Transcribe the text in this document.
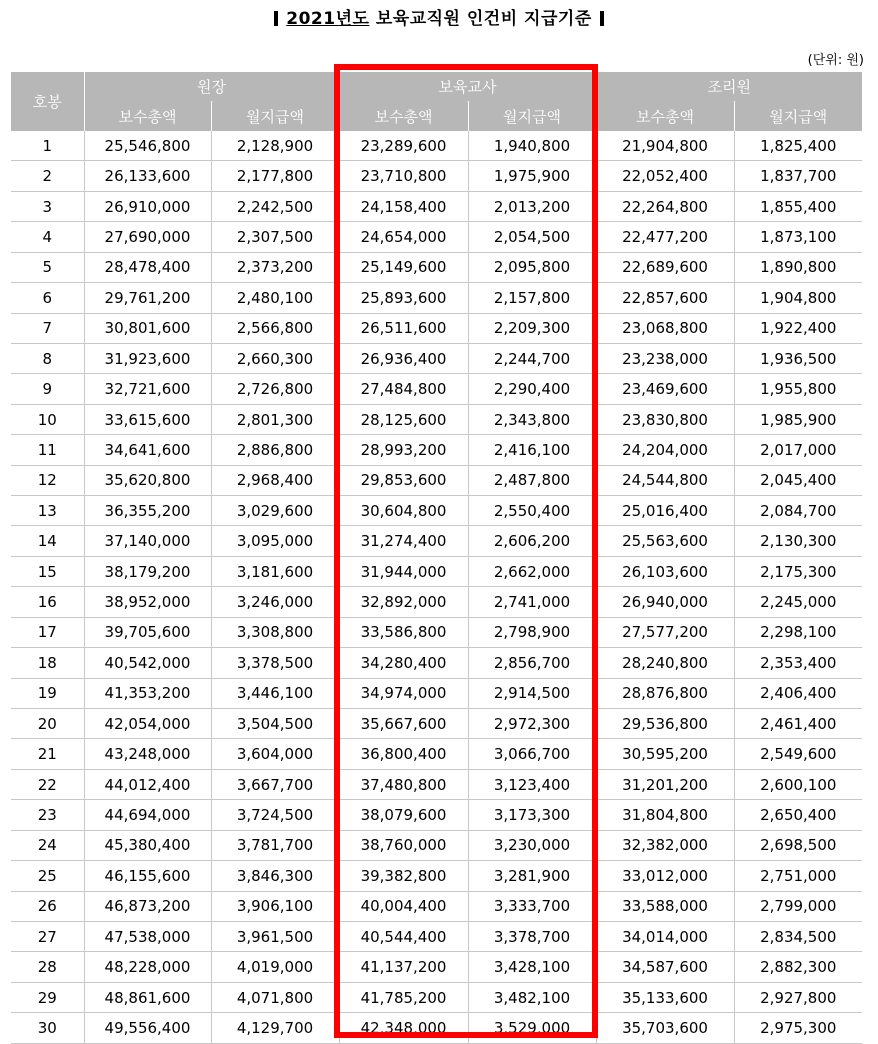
2021년도 보육교직원 인건비 지급기준
(단위: 원)
호봉	원장		보육교사		조리원	
	보수총액	월지급액	보수총액	월지급액	보수총액	월지급액
1	25,546,800	2,128,900	23,289,600	1,940,800	21,904,800	1,825,400
2	26,133,600	2,177,800	23,710,800	1,975,900	22,052,400	1,837,700
3	26,910,000	2,242,500	24,158,400	2,013,200	22,264,800	1,855,400
4	27,690,000	2,307,500	24,654,000	2,054,500	22,477,200	1,873,100
5	28,478,400	2,373,200	25,149,600	2,095,800	22,689,600	1,890,800
6	29,761,200	2,480,100	25,893,600	2,157,800	22,857,600	1,904,800
7	30,801,600	2,566,800	26,511,600	2,209,300	23,068,800	1,922,400
8	31,923,600	2,660,300	26,936,400	2,244,700	23,238,000	1,936,500
9	32,721,600	2,726,800	27,484,800	2,290,400	23,469,600	1,955,800
10	33,615,600	2,801,300	28,125,600	2,343,800	23,830,800	1,985,900
11	34,641,600	2,886,800	28,993,200	2,416,100	24,204,000	2,017,000
12	35,620,800	2,968,400	29,853,600	2,487,800	24,544,800	2,045,400
13	36,355,200	3,029,600	30,604,800	2,550,400	25,016,400	2,084,700
14	37,140,000	3,095,000	31,274,400	2,606,200	25,563,600	2,130,300
15	38,179,200	3,181,600	31,944,000	2,662,000	26,103,600	2,175,300
16	38,952,000	3,246,000	32,892,000	2,741,000	26,940,000	2,245,000
17	39,705,600	3,308,800	33,586,800	2,798,900	27,577,200	2,298,100
18	40,542,000	3,378,500	34,280,400	2,856,700	28,240,800	2,353,400
19	41,353,200	3,446,100	34,974,000	2,914,500	28,876,800	2,406,400
20	42,054,000	3,504,500	35,667,600	2,972,300	29,536,800	2,461,400
21	43,248,000	3,604,000	36,800,400	3,066,700	30,595,200	2,549,600
22	44,012,400	3,667,700	37,480,800	3,123,400	31,201,200	2,600,100
23	44,694,000	3,724,500	38,079,600	3,173,300	31,804,800	2,650,400
24	45,380,400	3,781,700	38,760,000	3,230,000	32,382,000	2,698,500
25	46,155,600	3,846,300	39,382,800	3,281,900	33,012,000	2,751,000
26	46,873,200	3,906,100	40,004,400	3,333,700	33,588,000	2,799,000
27	47,538,000	3,961,500	40,544,400	3,378,700	34,014,000	2,834,500
28	48,228,000	4,019,000	41,137,200	3,428,100	34,587,600	2,882,300
29	48,861,600	4,071,800	41,785,200	3,482,100	35,133,600	2,927,800
30	49,556,400	4,129,700	42,348,000	3,529,000	35,703,600	2,975,300
